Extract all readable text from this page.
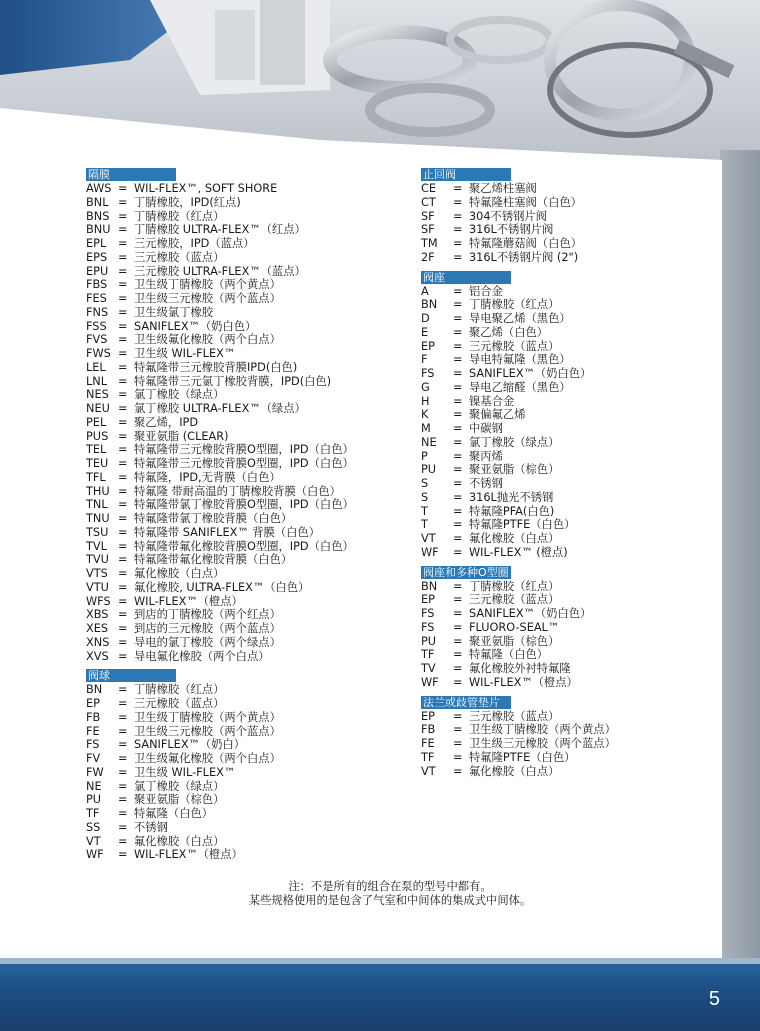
隔膜
AWS = WIL-FLEX™, SOFT SHORE
BNL = 丁腈橡胶，IPD(红点)
BNS = 丁腈橡胶（红点）
BNU = 丁腈橡胶 ULTRA-FLEX™（红点）
EPL	= 三元橡胶，IPD（蓝点）
EPS = 三元橡胶（蓝点）
EPU = 三元橡胶 ULTRA-FLEX™（蓝点）
FBS = 卫生级丁腈橡胶（两个黄点）
FES = 卫生级三元橡胶（两个蓝点）
FNS = 卫生级氯丁橡胶
FSS	= SANIFLEX™（奶白色）
FVS = 卫生级氟化橡胶（两个白点）
FWS = 卫生级 WIL-FLEX™
LEL	= 特氟隆带三元橡胶背膜IPD(白色)
LNL = 特氟隆带三元氯丁橡胶背膜，IPD(白色)
NES = 氯丁橡胶（绿点）
NEU = 氯丁橡胶 ULTRA-FLEX™（绿点）
PEL	= 聚乙烯，IPD
PUS = 聚亚氨脂 (CLEAR)
TEL	= 特氟隆带三元橡胶背膜O型圈，IPD（白色）
TEU = 特氟隆带三元橡胶背膜O型圈，IPD（白色）
TFL	= 特氟隆，IPD,无背膜（白色）
THU = 特氟隆 带耐高温的丁腈橡胶背膜（白色）
TNL = 特氟隆带氯丁橡胶背膜O型圈，IPD（白色）
TNU = 特氟隆带氯丁橡胶背膜（白色）
TSU = 特氟隆带 SANIFLEX™ 背膜（白色）
TVL = 特氟隆带氟化橡胶背膜O型圈，IPD（白色）
TVU = 特氟隆带氟化橡胶背膜（白色）
VTS = 氟化橡胶（白点）
VTU = 氟化橡胶, ULTRA-FLEX™（白色）
WFS = WIL-FLEX™（橙点）
XBS = 到店的丁腈橡胶（两个红点）
XES = 到店的三元橡胶（两个蓝点）
XNS = 导电的氯丁橡胶（两个绿点）
XVS = 导电氟化橡胶（两个白点）
阀球
BN	= 丁腈橡胶（红点）
EP	= 三元橡胶（蓝点）
FB	= 卫生级丁腈橡胶（两个黄点）
FE	= 卫生级三元橡胶（两个蓝点）
FS	= SANIFLEX™（奶白）
FV	= 卫生级氟化橡胶（两个白点）
FW	= 卫生级 WIL-FLEX™
NE	= 氯丁橡胶（绿点）
PU	= 聚亚氨脂（棕色）
TF	= 特氟隆（白色）
SS	= 不锈钢
VT	= 氟化橡胶（白点）
WF	= WIL-FLEX™（橙点）
止回阀
CE	= 聚乙烯柱塞阀
CT	= 特氟隆柱塞阀（白色）
SF	= 304不锈钢片阀
SF	= 316L不锈钢片阀
TM	= 特氟隆蘑菇阀（白色）
2F	= 316L不锈钢片阀 (2")
阀座
A	= 铝合金
BN	= 丁腈橡胶（红点）
D	= 导电聚乙烯（黑色）
E	= 聚乙烯（白色）
EP	= 三元橡胶（蓝点）
F	= 导电特氟隆（黑色）
FS	= SANIFLEX™（奶白色）
G	= 导电乙缩醛（黑色）
H	= 镍基合金
K	= 聚偏氟乙烯
M	= 中碳钢
NE	= 氯丁橡胶（绿点）
P	= 聚丙烯
PU	= 聚亚氨脂（棕色）
S	= 不锈钢
S	= 316L抛光不锈钢
T	= 特氟隆PFA(白色)
T	= 特氟隆PTFE（白色）
VT	= 氟化橡胶（白点）
WF	= WIL-FLEX™ (橙点)
阀座和多种O型圈
BN	= 丁腈橡胶（红点）
EP	= 三元橡胶（蓝点）
FS	= SANIFLEX™（奶白色）
FS	= FLUORO-SEAL™
PU	= 聚亚氨脂（棕色）
TF	= 特氟隆（白色）
TV	= 氟化橡胶外衬特氟隆
WF	= WIL-FLEX™（橙点）
法兰或歧管垫片
EP	= 三元橡胶（蓝点）
FB	= 卫生级丁腈橡胶（两个黄点）
FE	= 卫生级三元橡胶（两个蓝点）
TF	= 特氟隆PTFE（白色）
VT	= 氟化橡胶（白点）
注：不是所有的组合在泵的型号中都有。
某些规格使用的是包含了气室和中间体的集成式中间体。
5
